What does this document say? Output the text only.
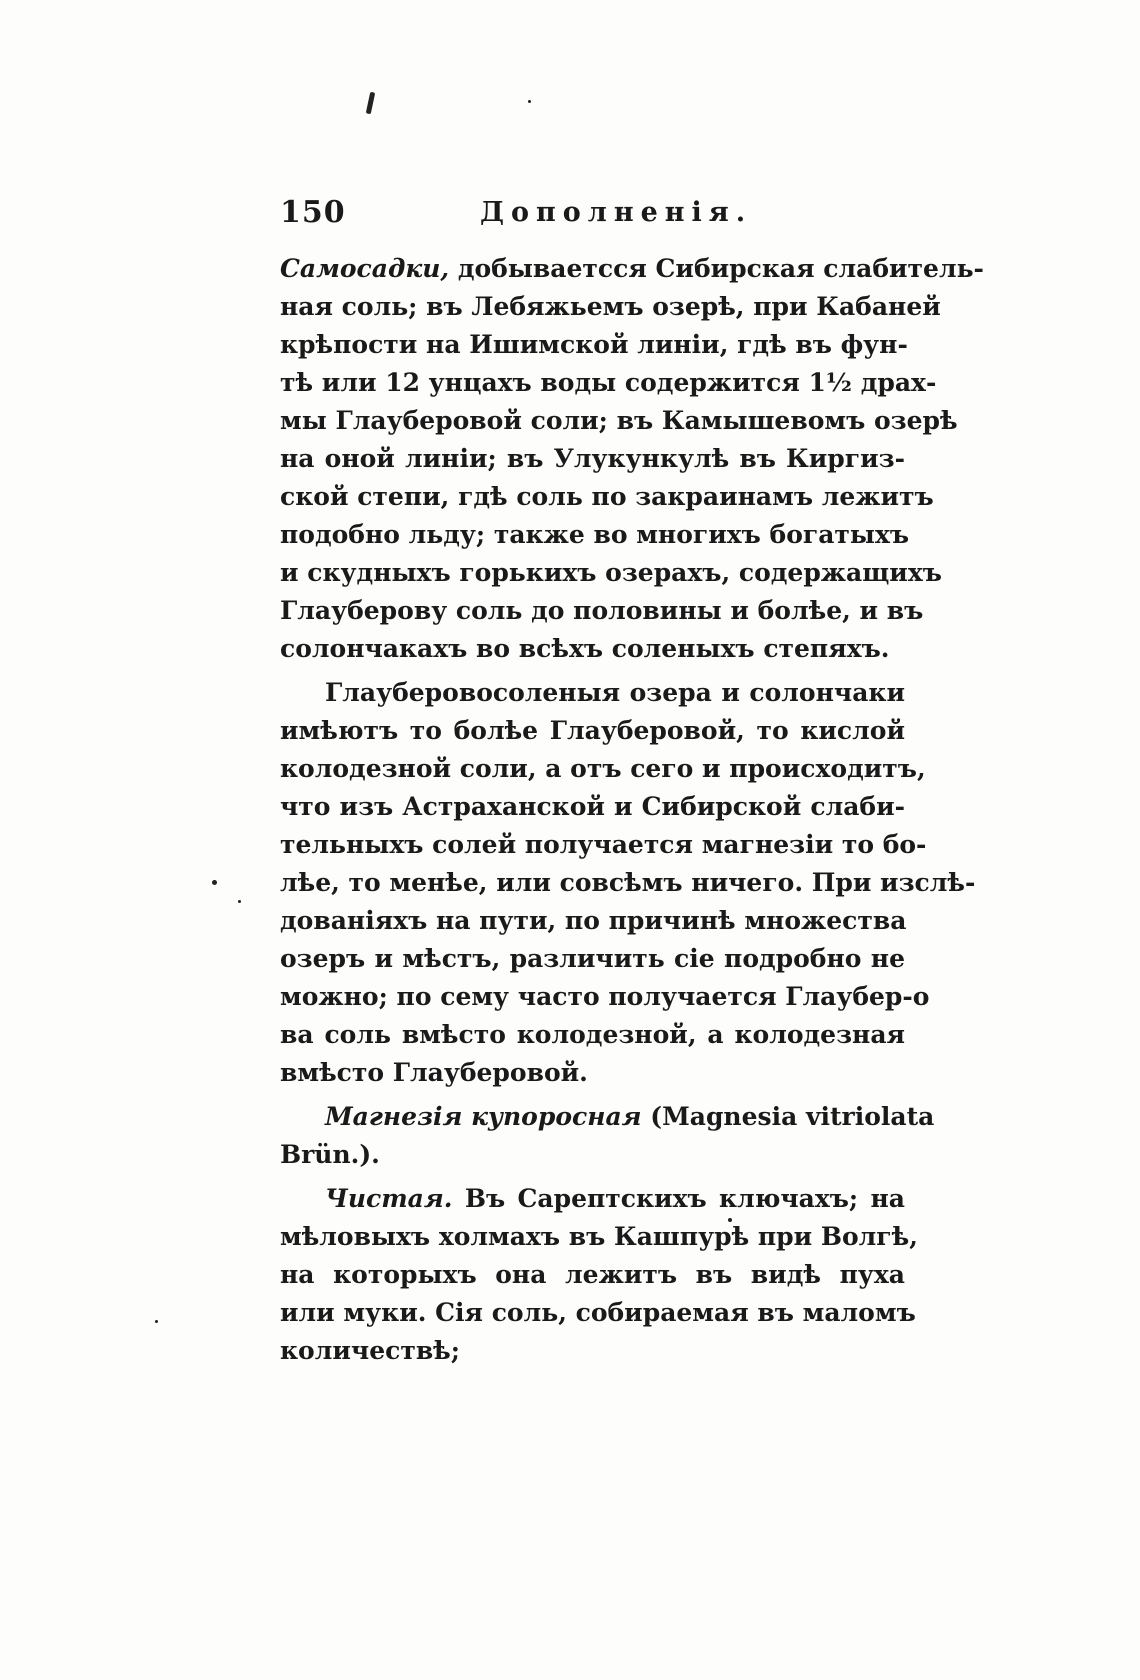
150	Дополненія.
Самосадки, добываетсся Сибирская слабитель-
ная соль; въ Лебяжьемъ озерѣ, при Кабаней
крѣпости на Ишимской линіи, гдѣ въ фун-
тѣ или 12 унцахъ воды содержится 1½ драх-
мы Глауберовой соли; въ Камышевомъ озерѣ
на оной линіи; въ Улукункулѣ въ Киргиз-
ской степи, гдѣ соль по закраинамъ лежитъ
подобно льду; также во многихъ богатыхъ
и скудныхъ горькихъ озерахъ, содержащихъ
Глауберову соль до половины и болѣе, и въ
солончакахъ во всѣхъ соленыхъ степяхъ.
Глауберовосоленыя озера и солончаки
имѣютъ то болѣе Глауберовой, то кислой
колодезной соли, а отъ сего и происходитъ,
что изъ Астраханской и Сибирской слаби-
тельныхъ солей получается магнезіи то бо-
лѣе, то менѣе, или совсѣмъ ничего. При изслѣ-
дованіяхъ на пути, по причинѣ множества
озеръ и мѣстъ, различить сіе подробно не
можно; по сему часто получается Глаубер-о
ва соль вмѣсто колодезной, а колодезная
вмѣсто Глауберовой.
Магнезія купоросная (Magnesia vitriolata
Brün.).
Чистая. Въ Сарептскихъ ключахъ; на
мѣловыхъ холмахъ въ Кашпурѣ при Волгѣ,
на которыхъ она лежитъ въ видѣ пуха
или муки. Сія соль, собираемая въ маломъ
количествѣ;
